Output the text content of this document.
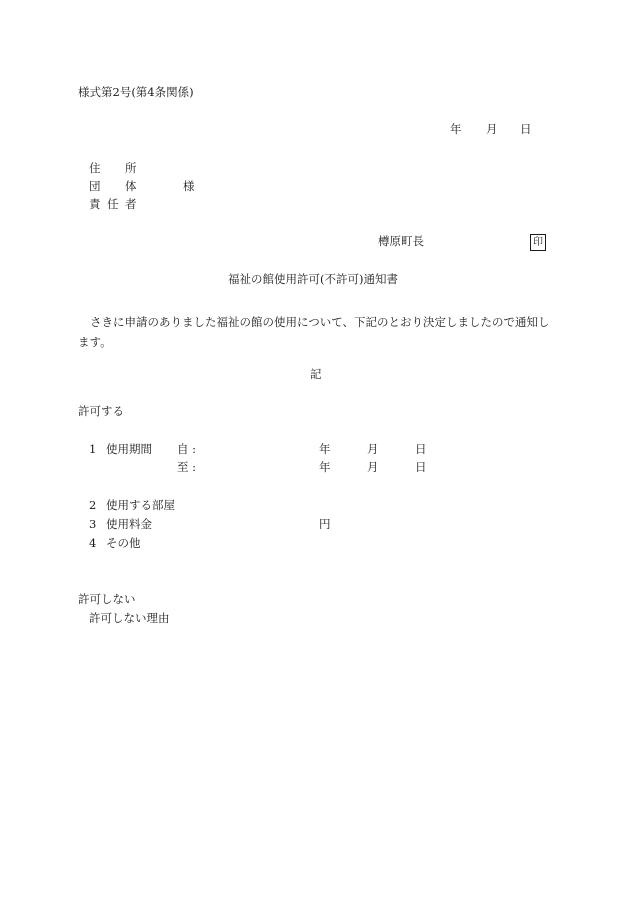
様式第2号(第4条関係)
年 月 日
住 所
団 体	様
責 任 者
樽原町長	印
福祉の館使用許可(不許可)通知書
さきに申請のありました福祉の館の使用について、下記のとおり決定しましたので通知します。
記
許可する
1 使用期間 自 :	年	月	日
至 :	年	月	日
2 使用する部屋
3 使用料金	円
4 その他
許可しない
許可しない理由
